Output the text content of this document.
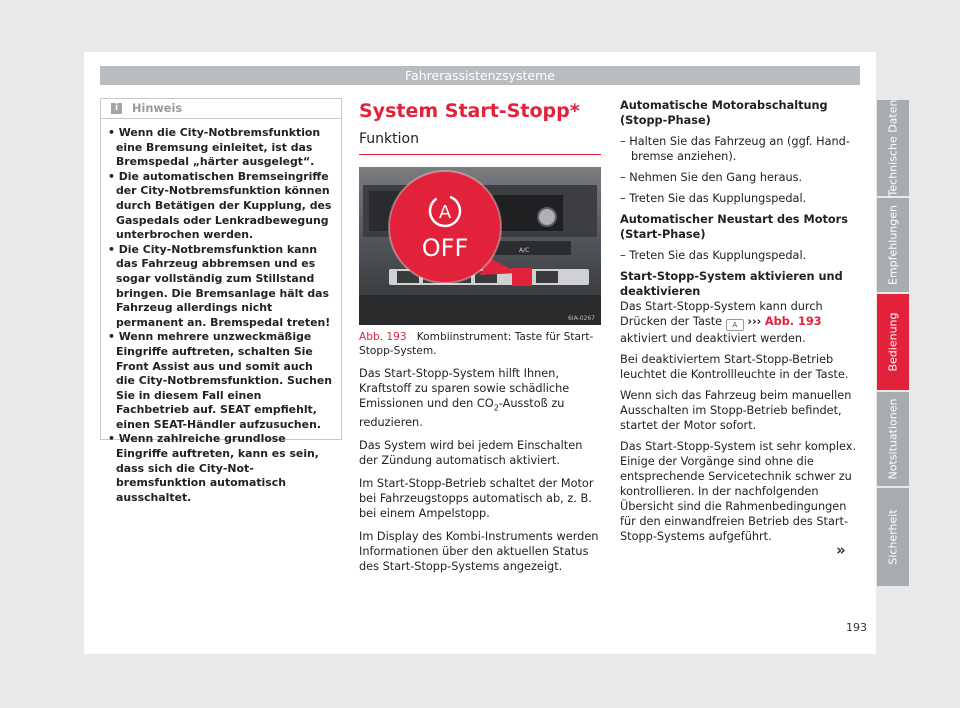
Fahrerassistenzsysteme
i	Hinweis

• Wenn die City-Notbremsfunktion eine Bremsung einleitet, ist das Bremspedal „härter ausgelegt“.

• Die automatischen Bremseingriffe der City-Notbremsfunktion können durch Betätigen der Kupplung, des Gaspedals oder Lenkradbewegung unterbrochen werden.

• Die City-Notbremsfunktion kann das Fahrzeug abbremsen und es sogar vollständig zum Stillstand bringen. Die Bremsanlage hält das Fahrzeug allerdings nicht permanent an. Bremspedal treten!

• Wenn mehrere unzweckmäßige Eingriffe auftreten, schalten Sie Front Assist aus und somit auch die City-Notbremsfunktion. Suchen Sie in diesem Fall einen Fachbetrieb auf. SEAT empfiehlt, einen SEAT-Händler aufzusuchen.

• Wenn zahlreiche grundlose Eingriffe auftreten, kann es sein, dass sich die City-Notbremsfunktion automatisch ausschaltet.

System Start-Stopp*
Funktion
A/C
A
OFF
6IA-0267
Abb. 193 Kombiinstrument: Taste für Start-Stopp-System.

Das Start-Stopp-System hilft Ihnen, Kraftstoff zu sparen sowie schädliche Emissionen und den $CO_2$-Ausstoß zu reduzieren.

Das System wird bei jedem Einschalten der Zündung automatisch aktiviert.

Im Start-Stopp-Betrieb schaltet der Motor bei Fahrzeugstopps automatisch ab, z. B. bei einem Ampelstopp.

Im Display des Kombi-Instruments werden Informationen über den aktuellen Status des Start-Stopp-Systems angezeigt.

Automatische Motorabschaltung (Stopp-Phase)

– Halten Sie das Fahrzeug an (ggf. Handbremse anziehen).

– Nehmen Sie den Gang heraus.

– Treten Sie das Kupplungspedal.

Automatischer Neustart des Motors (Start-Phase)

– Treten Sie das Kupplungspedal.

Start-Stopp-System aktivieren und deaktivieren

Das Start-Stopp-System kann durch Drücken der Taste A ››› Abb. 193 aktiviert und deaktiviert werden.

Bei deaktiviertem Start-Stopp-Betrieb leuchtet die Kontrollleuchte in der Taste.

Wenn sich das Fahrzeug beim manuellen Ausschalten im Stopp-Betrieb befindet, startet der Motor sofort.

Das Start-Stopp-System ist sehr komplex. Einige der Vorgänge sind ohne die entsprechende Servicetechnik schwer zu kontrollieren. In der nachfolgenden Übersicht sind die Rahmenbedingungen für den einwandfreien Betrieb des Start-Stopp-Systems aufgeführt.

»
Technische Daten
Empfehlungen
Bedienung
Notsituationen
Sicherheit
193
